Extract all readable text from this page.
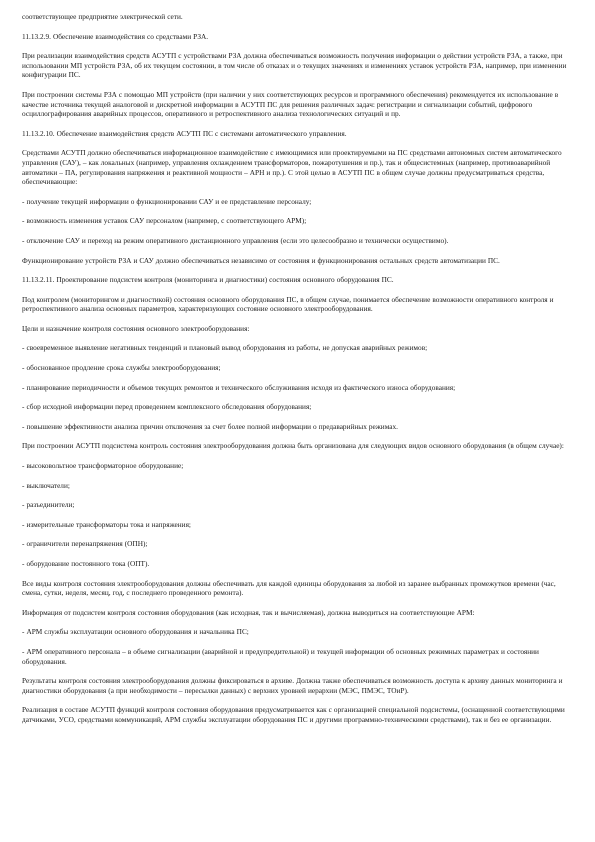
соответствующее предприятие электрической сети.

11.13.2.9. Обеспечение взаимодействия со средствами РЗА.

При реализации взаимодействия средств АСУТП с устройствами РЗА должна обеспечиваться возможность получения информации о действии устройств РЗА, а также, при использовании МП устройств РЗА, об их текущем состоянии, в том числе об отказах и о текущих значениях и изменениях уставок устройств РЗА, например, при изменении конфигурации ПС.

При построении системы РЗА с помощью МП устройств (при наличии у них соответствующих ресурсов и программного обеспечения) рекомендуется их использование в качестве источника текущей аналоговой и дискретной информации в АСУТП ПС для решения различных задач: регистрации и сигнализации событий, цифрового осциллографирования аварийных процессов, оперативного и ретроспективного анализа технологических ситуаций и пр.

11.13.2.10. Обеспечение взаимодействия средств АСУТП ПС с системами автоматического управления.

Средствами АСУТП должно обеспечиваться информационное взаимодействие с имеющимися или проектируемыми на ПС средствами автономных систем автоматического управления (САУ), – как локальных (например, управления охлаждением трансформаторов, пожаротушения и пр.), так и общесистемных (например, противоаварийной автоматики – ПА, регулирования напряжения и реактивной мощности – АРН и пр.). С этой целью в АСУТП ПС в общем случае должны предусматриваться средства, обеспечивающие:

- получение текущей информации о функционировании САУ и ее представление персоналу;

- возможность изменения уставок САУ персоналом (например, с соответствующего АРМ);

- отключение САУ и переход на режим оперативного дистанционного управления (если это целесообразно и технически осуществимо).

Функционирование устройств РЗА и САУ должно обеспечиваться независимо от состояния и функционирования остальных средств автоматизации ПС.

11.13.2.11. Проектирование подсистем контроля (мониторинга и диагностики) состояния основного оборудования ПС.

Под контролем (мониторингом и диагностикой) состояния основного оборудования ПС, в общем случае, понимается обеспечение возможности оперативного контроля и ретроспективного анализа основных параметров, характеризующих состояние основного электрооборудования.

Цели и назначение контроля состояния основного электрооборудования:

- своевременное выявление негативных тенденций и плановый вывод оборудования из работы, не допуская аварийных режимов;

- обоснованное продление срока службы электрооборудования;

- планирование периодичности и объемов текущих ремонтов и технического обслуживания исходя из фактического износа оборудования;

- сбор исходной информации перед проведением комплексного обследования оборудования;

- повышение эффективности анализа причин отключения за счет более полной информации о предаварийных режимах.

При построении АСУТП подсистема контроль состояния электрооборудования должна быть организована для следующих видов основного оборудования (в общем случае):

- высоковольтное трансформаторное оборудование;

- выключатели;

- разъединители;

- измерительные трансформаторы тока и напряжения;

- ограничители перенапряжения (ОПН);

- оборудование постоянного тока (ОПТ).

Все виды контроля состояния электрооборудования должны обеспечивать для каждой единицы оборудования за любой из заранее выбранных промежутков времени (час, смена, сутки, неделя, месяц, год, с последнего проведенного ремонта).

Информация от подсистем контроля состояния оборудования (как исходная, так и вычисляемая), должна выводиться на соответствующие АРМ:

- АРМ службы эксплуатации основного оборудования и начальника ПС;

- АРМ оперативного персонала – в объеме сигнализации (аварийной и предупредительной) и текущей информации об основных режимных параметрах и состоянии оборудования.

Результаты контроля состояния электрооборудования должны фиксироваться в архиве. Должна также обеспечиваться возможность доступа к архиву данных мониторинга и диагностики оборудования (а при необходимости – пересылки данных) с верхних уровней иерархии (МЭС, ПМЭС, ТОиР).

Реализация в составе АСУТП функций контроля состояния оборудования предусматривается как с организацией специальной подсистемы, (оснащенной соответствующими датчиками, УСО, средствами коммуникаций, АРМ службы эксплуатации оборудования ПС и другими программно-техническими средствами), так и без ее организации.
